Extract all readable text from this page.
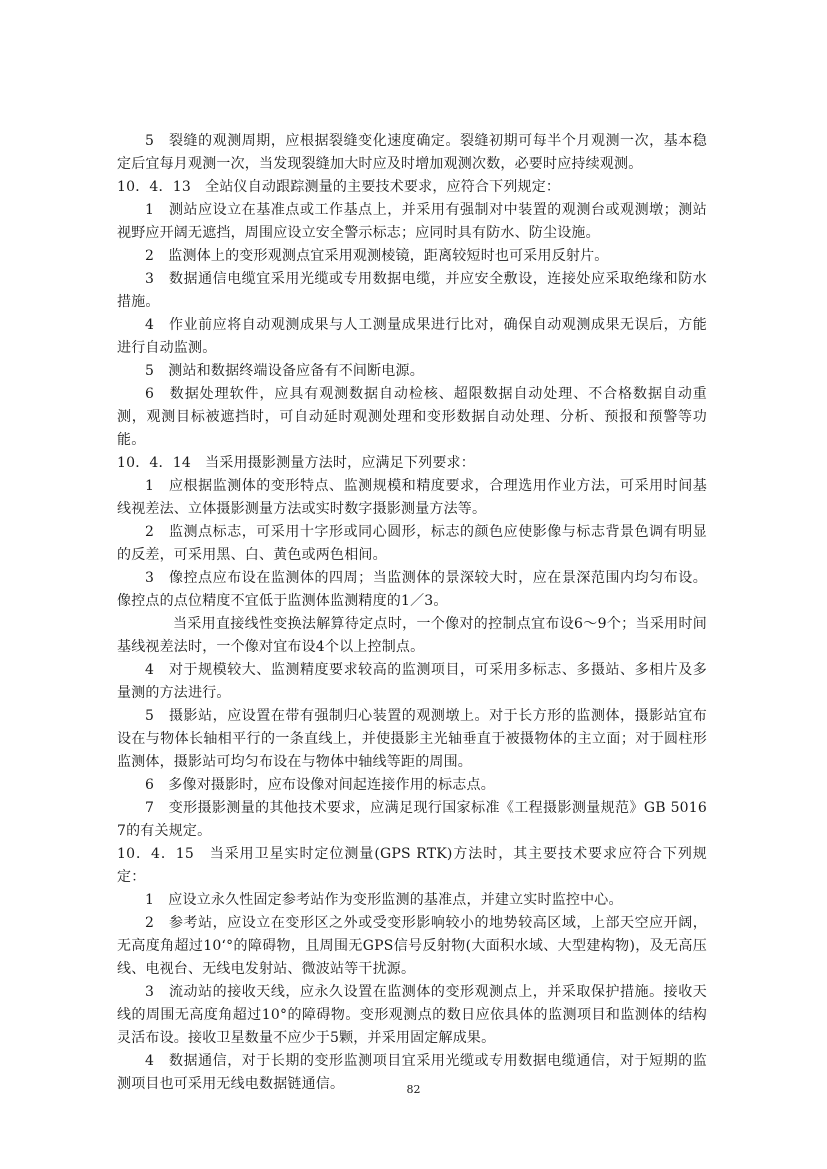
5　裂缝的观测周期，应根据裂缝变化速度确定。裂缝初期可每半个月观测一次，基本稳定后宜每月观测一次，当发现裂缝加大时应及时增加观测次数，必要时应持续观测。

10．4．13　全站仪自动跟踪测量的主要技术要求，应符合下列规定：

1　测站应设立在基准点或工作基点上，并采用有强制对中装置的观测台或观测墩；测站视野应开阔无遮挡，周围应设立安全警示标志；应同时具有防水、防尘设施。

2　监测体上的变形观测点宜采用观测棱镜，距离较短时也可采用反射片。

3　数据通信电缆宜采用光缆或专用数据电缆，并应安全敷设，连接处应采取绝缘和防水措施。

4　作业前应将自动观测成果与人工测量成果进行比对，确保自动观测成果无误后，方能进行自动监测。

5　测站和数据终端设备应备有不间断电源。

6　数据处理软件，应具有观测数据自动检核、超限数据自动处理、不合格数据自动重测，观测目标被遮挡时，可自动延时观测处理和变形数据自动处理、分析、预报和预警等功能。

10．4．14　当采用摄影测量方法时，应满足下列要求：

1　应根据监测体的变形特点、监测规模和精度要求，合理选用作业方法，可采用时间基线视差法、立体摄影测量方法或实时数字摄影测量方法等。

2　监测点标志，可采用十字形或同心圆形，标志的颜色应使影像与标志背景色调有明显的反差，可采用黑、白、黄色或两色相间。

3　像控点应布设在监测体的四周；当监测体的景深较大时，应在景深范围内均匀布设。像控点的点位精度不宜低于监测体监测精度的1／3。

当采用直接线性变换法解算待定点时，一个像对的控制点宜布设6～9个；当采用时间基线视差法时，一个像对宜布设4个以上控制点。

4　对于规模较大、监测精度要求较高的监测项目，可采用多标志、多摄站、多相片及多量测的方法进行。

5　摄影站，应设置在带有强制归心装置的观测墩上。对于长方形的监测体，摄影站宜布设在与物体长轴相平行的一条直线上，并使摄影主光轴垂直于被摄物体的主立面；对于圆柱形监测体，摄影站可均匀布设在与物体中轴线等距的周围。

6　多像对摄影时，应布设像对间起连接作用的标志点。

7　变形摄影测量的其他技术要求，应满足现行国家标准《工程摄影测量规范》GB 50167的有关规定。

10．4．15　当采用卫星实时定位测量(GPS RTK)方法时，其主要技术要求应符合下列规定：

1　应设立永久性固定参考站作为变形监测的基准点，并建立实时监控中心。

2　参考站，应设立在变形区之外或受变形影响较小的地势较高区域，上部天空应开阔，无高度角超过10‘°的障碍物，且周围无GPS信号反射物(大面积水域、大型建构物)，及无高压线、电视台、无线电发射站、微波站等干扰源。

3　流动站的接收天线，应永久设置在监测体的变形观测点上，并采取保护措施。接收天线的周围无高度角超过10°的障碍物。变形观测点的数日应依具体的监测项目和监测体的结构灵活布设。接收卫星数量不应少于5颗，并采用固定解成果。

4　数据通信，对于长期的变形监测项目宜采用光缆或专用数据电缆通信，对于短期的监测项目也可采用无线电数据链通信。	82
